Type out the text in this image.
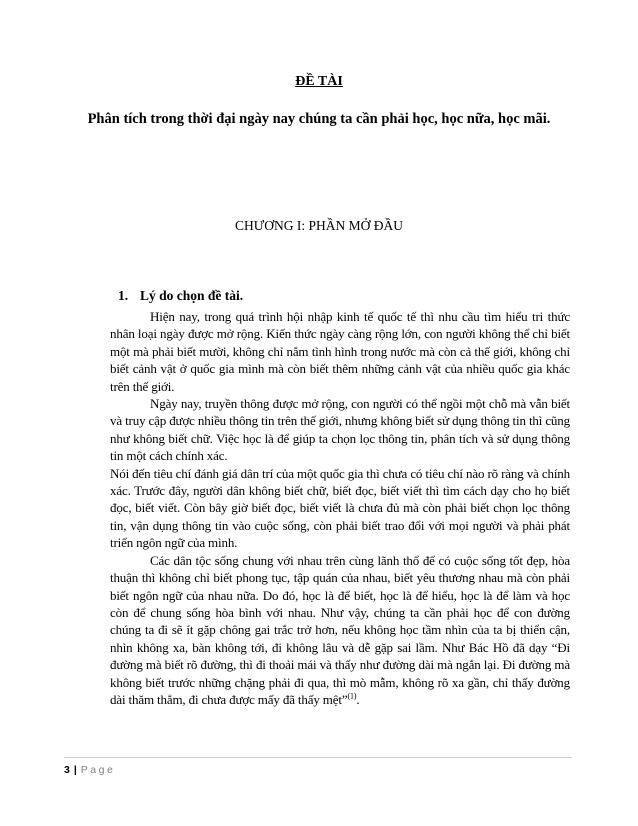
ĐỀ TÀI
Phân tích trong thời đại ngày nay chúng ta cần phải học, học nữa, học mãi.
CHƯƠNG I: PHẦN MỞ ĐẦU
1. Lý do chọn đề tài.

Hiện nay, trong quá trình hội nhập kinh tế quốc tế thì nhu cầu tìm hiểu tri thức nhân loại ngày được mở rộng. Kiến thức ngày càng rộng lớn, con người không thể chỉ biết một mà phải biết mười, không chỉ nắm tình hình trong nước mà còn cả thế giới, không chỉ biết cảnh vật ở quốc gia mình mà còn biết thêm những cảnh vật của nhiều quốc gia khác trên thế giới.

Ngày nay, truyền thông được mở rộng, con người có thể ngồi một chỗ mà vẫn biết và truy cập được nhiều thông tin trên thế giới, nhưng không biết sử dụng thông tin thì cũng như không biết chữ. Việc học là để giúp ta chọn lọc thông tin, phân tích và sử dụng thông tin một cách chính xác.

Nói đến tiêu chí đánh giá dân trí của một quốc gia thì chưa có tiêu chí nào rõ ràng và chính xác. Trước đây, người dân không biết chữ, biết đọc, biết viết thì tìm cách dạy cho họ biết đọc, biết viết. Còn bây giờ biết đọc, biết viết là chưa đủ mà còn phải biết chọn lọc thông tin, vận dụng thông tin vào cuộc sống, còn phải biết trao đổi với mọi người và phải phát triển ngôn ngữ của mình.

Các dân tộc sống chung với nhau trên cùng lãnh thổ để có cuộc sống tốt đẹp, hòa thuận thì không chỉ biết phong tục, tập quán của nhau, biết yêu thương nhau mà còn phải biết ngôn ngữ của nhau nữa. Do đó, học là để biết, học là để hiểu, học là để làm và học còn để chung sống hòa bình với nhau. Như vậy, chúng ta cần phải học để con đường chúng ta đi sẽ ít gặp chông gai trắc trở hơn, nếu không học tầm nhìn của ta bị thiển cận, nhìn không xa, bàn không tới, đi không lâu và dễ gặp sai lầm. Như Bác Hồ đã dạy “Đi đường mà biết rõ đường, thì đi thoải mái và thấy như đường dài mà ngắn lại. Đi đường mà không biết trước những chặng phải đi qua, thì mò mẫm, không rõ xa gần, chỉ thấy đường dài thăm thẳm, đi chưa được mấy đã thấy mệt”$^{(1)}$.

3 | Page
